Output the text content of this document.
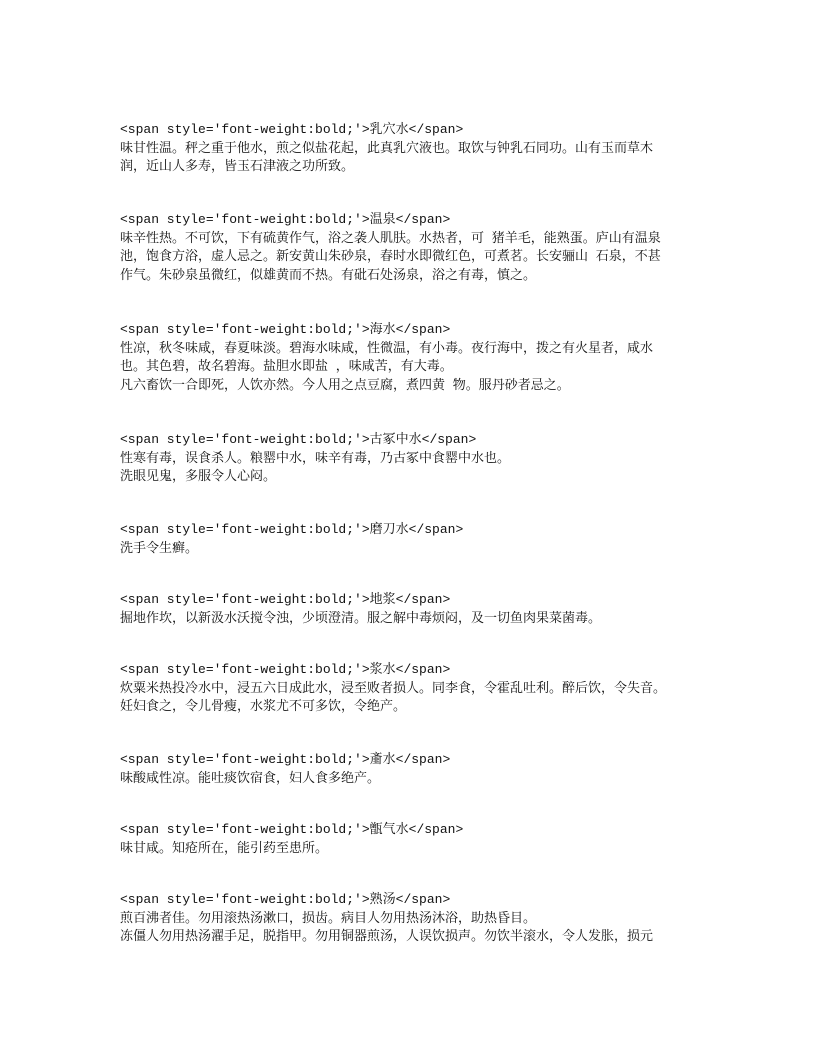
<span style='font-weight:bold;'>乳穴水</span>
味甘性温。秤之重于他水，煎之似盐花起，此真乳穴液也。取饮与钟乳石同功。山有玉而草木
润，近山人多寿，皆玉石津液之功所致。
<span style='font-weight:bold;'>温泉</span>
味辛性热。不可饮，下有硫黄作气，浴之袭人肌肤。水热者，可 猪羊毛，能熟蛋。庐山有温泉
池，饱食方浴，虚人忌之。新安黄山朱砂泉，春时水即微红色，可煮茗。长安骊山 石泉，不甚
作气。朱砂泉虽微红，似雄黄而不热。有砒石处汤泉，浴之有毒，慎之。
<span style='font-weight:bold;'>海水</span>
性凉，秋冬味咸，春夏味淡。碧海水味咸，性微温，有小毒。夜行海中，拨之有火星者，咸水
也。其色碧，故名碧海。盐胆水即盐 ，味咸苦，有大毒。
凡六畜饮一合即死，人饮亦然。今人用之点豆腐，煮四黄 物。服丹砂者忌之。
<span style='font-weight:bold;'>古冢中水</span>
性寒有毒，误食杀人。粮罂中水，味辛有毒，乃古冢中食罂中水也。
洗眼见鬼，多服令人心闷。
<span style='font-weight:bold;'>磨刀水</span>
洗手令生癣。
<span style='font-weight:bold;'>地浆</span>
掘地作坎，以新汲水沃搅令浊，少顷澄清。服之解中毒烦闷，及一切鱼肉果菜菌毒。
<span style='font-weight:bold;'>浆水</span>
炊粟米热投冷水中，浸五六日成此水，浸至败者损人。同李食，令霍乱吐利。醉后饮，令失音。
妊妇食之，令儿骨瘦，水浆尤不可多饮，令绝产。
<span style='font-weight:bold;'>齑水</span>
味酸咸性凉。能吐痰饮宿食，妇人食多绝产。
<span style='font-weight:bold;'>甑气水</span>
味甘咸。知疮所在，能引药至患所。
<span style='font-weight:bold;'>熟汤</span>
煎百沸者佳。勿用滚热汤漱口，损齿。病目人勿用热汤沐浴，助热昏目。
冻僵人勿用热汤濯手足，脱指甲。勿用铜器煎汤，人误饮损声。勿饮半滚水，令人发胀，损元
